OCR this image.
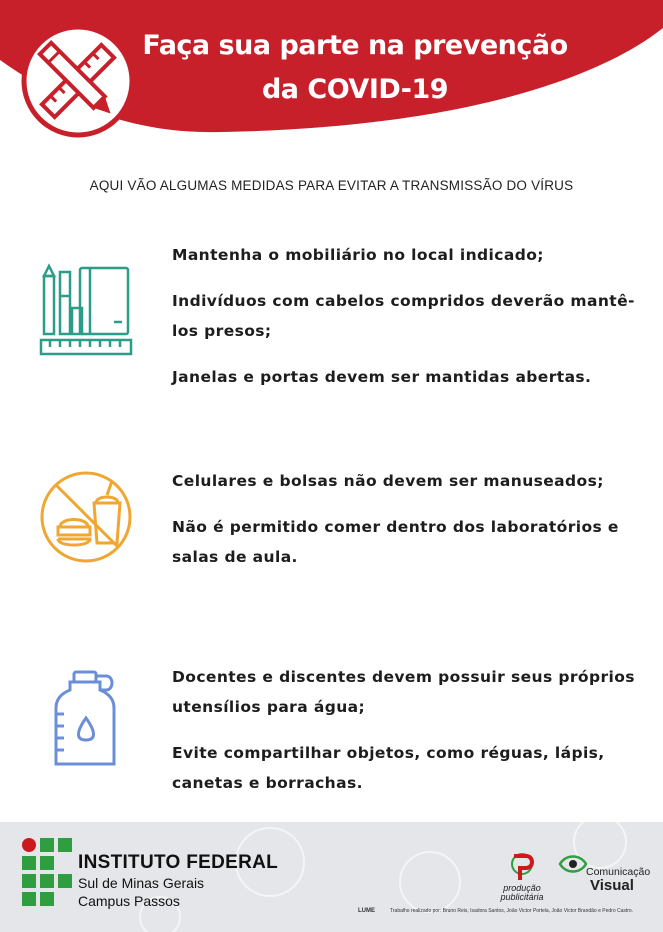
Faça sua parte na prevenção
da COVID-19
AQUI VÃO ALGUMAS MEDIDAS PARA EVITAR A TRANSMISSÃO DO VÍRUS

Mantenha o mobiliário no local indicado;

Indivíduos com cabelos compridos deverão mantê-los presos;

Janelas e portas devem ser mantidas abertas.

Celulares e bolsas não devem ser manuseados;

Não é permitido comer dentro dos laboratórios e salas de aula.

Docentes e discentes devem possuir seus próprios utensílios para água;

Evite compartilhar objetos, como réguas, lápis, canetas e borrachas.

INSTITUTO FEDERAL
Sul de Minas Gerais
Campus Passos
produção publicitária
Comunicação
Visual
LUME	Trabalho realizado por: Bruno Reis, Isadora Santos, João Victor Portela, João Victor Brandão e Pedro Castro.
